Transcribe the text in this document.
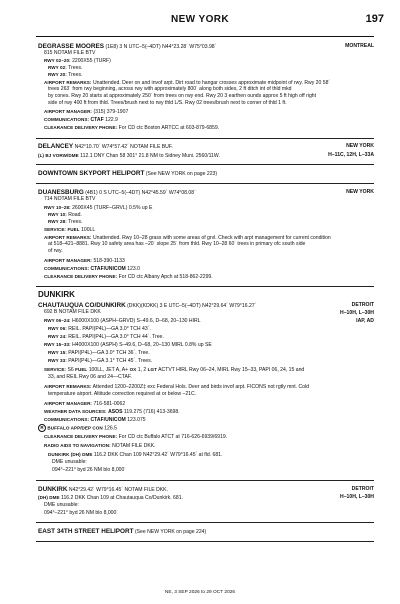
NEW YORK	197
DEGRASSE MOORES (1E8) 3 N UTC–5(–4DT) N44°23.28´ W75°03.98´	MONTREAL
815 NOTAM FILE BTV
RWY 02–20: 2200X55 (TURF)
RWY 02: Trees.
RWY 20: Trees.
AIRPORT REMARKS: Unattended. Deer on and invof arpt. Dirt road to hangar crosses approximate midpoint of rwy. Rwy 20 58´
trees 263´ from rwy beginning, across rwy with approximately 800´ along both sides, 2 ft ditch int of thld mkd
by cones. Rwy 20 starts at approximately 250´ from trees on rwy end. Rwy 20 3 earthen ounds approx 5 ft high off right
side of rwy 400 ft from thld. Trees/brush next to rwy thld L/S. Rwy 02 trees/brush next to corner of thld 1 ft.
AIRPORT MANAGER: (315) 379-1907
COMMUNICATIONS: CTAF 122.9
CLEARANCE DELIVERY PHONE: For CD ctc Boston ARTCC at 603-879-6859.
DELANCEY N42°10.70´ W74°57.42´ NOTAM FILE BUF.	NEW YORK
(L) BJ VORW/DME 112.1 DNY Chan 58 301° 21.8 NM to Sidney Muni. 2560/11W.	H–11C, 12H, L–33A
DOWNTOWN SKYPORT HELIPORT (See NEW YORK on page 223)
DUANESBURG (4B1) 0 S UTC–5(–4DT) N42°45.59´ W74°08.08´	NEW YORK
714 NOTAM FILE BTV
RWY 10–28: 2600X45 (TURF–GRVL) 0.5% up E
RWY 10: Road.
RWY 28: Trees.
SERVICE: FUEL 100LL
AIRPORT REMARKS: Unattended. Rwy 10–28 grass with some areas of grvl. Check with arpt management for current condition
at 518–421–8881. Rwy 10 safety area has –20´ slope 25´ from thld. Rwy 10–28 60´ trees in primary ofc south side
of rwy.
AIRPORT MANAGER: 518-390-1133
COMMUNICATIONS: CTAF/UNICOM 123.0
CLEARANCE DELIVERY PHONE: For CD ctc Albany Apch at 518-862-2299.
DUNKIRK
CHAUTAUQUA CO/DUNKIRK (DKK)(KDKK) 3 E UTC–5(–4DT) N42°29.64´ W79°16.27´	DETROIT
692 B NOTAM FILE DKK	H–10H, L–30H
IAP, AD
RWY 06–24: H6000X100 (ASPH–GRVD) S–49.6, D–68, 20–130 HIRL
RWY 06: REIL. PAPI(P4L)—GA 3.0° TCH 43´.
RWY 24: REIL. PAPI(P4L)—GA 3.0° TCH 44´. Tree.
RWY 15–33: H4000X100 (ASPH) S–49.6, D–68, 20–130 MIRL 0.8% up SE
RWY 15: PAPI(P4L)—GA 3.0° TCH 36´. Tree.
RWY 33: PAPI(P4L)—GA 3.1° TCH 45´. Trees.
SERVICE: S6 FUEL 100LL, JET A, A+ OX 1, 2 LGT ACTVT HIRL Rwy 06–24, MIRL Rwy 15–33, PAPI 06, 24, 15 and
33, and REIL Rwy 06 and 24—CTAF.
AIRPORT REMARKS: Attended 1200–2200Z‡ exc Federal Hols. Deer and birds invof arpt. FICONS not rgtly mnt. Cold
temperature airport. Altitude correction required at or below –21C.
AIRPORT MANAGER: 716-581-0062
WEATHER DATA SOURCES: ASOS 119.275 (716) 413-3698.
COMMUNICATIONS: CTAF/UNICOM 123.075
R BUFFALO APP/DEP CON 126.5
CLEARANCE DELIVERY PHONE: For CD ctc Buffalo ATCT at 716-626-6939/6919.
RADIO AIDS TO NAVIGATION: NOTAM FILE DKK.
DUNKIRK (DH) DME 116.2 DKK Chan 109 N42°29.42´ W79°16.45´ at fld. 681.
DME unusable:
094°–221° byd 26 NM blo 8,000´
DUNKIRK N42°29.42´ W79°16.45´ NOTAM FILE DKK.	DETROIT
(DH) DME 116.2 DKK Chan 109 at Chautauqua Co/Dunkirk. 681.	H–10H, L–30H
DME unusable:
094°–221° byd 26 NM blo 8,000´
EAST 34TH STREET HELIPORT (See NEW YORK on page 224)
NE, 3 SEP 2026 to 29 OCT 2026
